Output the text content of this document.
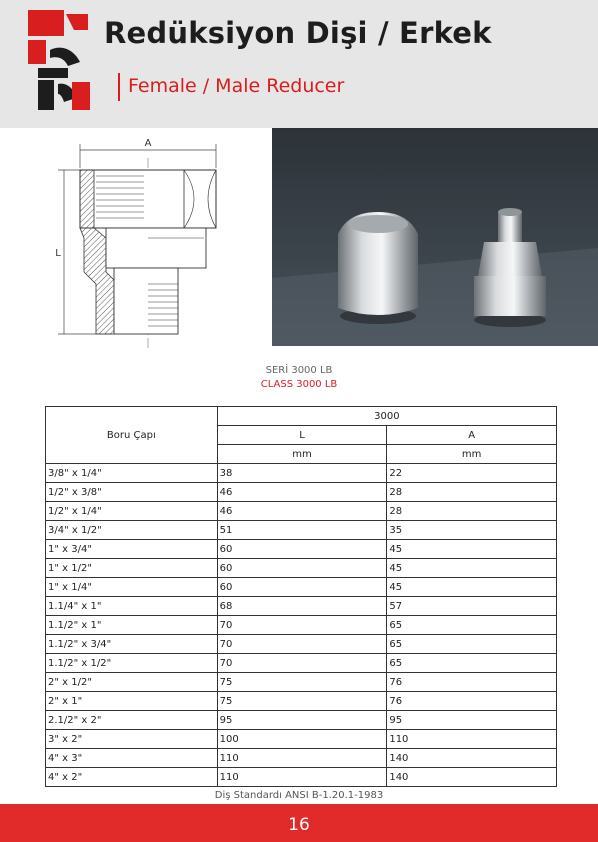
Redüksiyon Dişi / Erkek
Female / Male Reducer
A
L
SERİ 3000 LB
CLASS 3000 LB
Boru Çapı	3000	
	L	A
	mm	mm
3/8" x 1/4"	38	22
1/2" x 3/8"	46	28
1/2" x 1/4"	46	28
3/4" x 1/2"	51	35
1" x 3/4"	60	45
1" x 1/2"	60	45
1" x 1/4"	60	45
1.1/4" x 1"	68	57
1.1/2" x 1"	70	65
1.1/2" x 3/4"	70	65
1.1/2" x 1/2"	70	65
2" x 1/2"	75	76
2" x 1"	75	76
2.1/2" x 2"	95	95
3" x 2"	100	110
4" x 3"	110	140
4" x 2"	110	140
Diş Standardı ANSI B-1.20.1-1983
16
